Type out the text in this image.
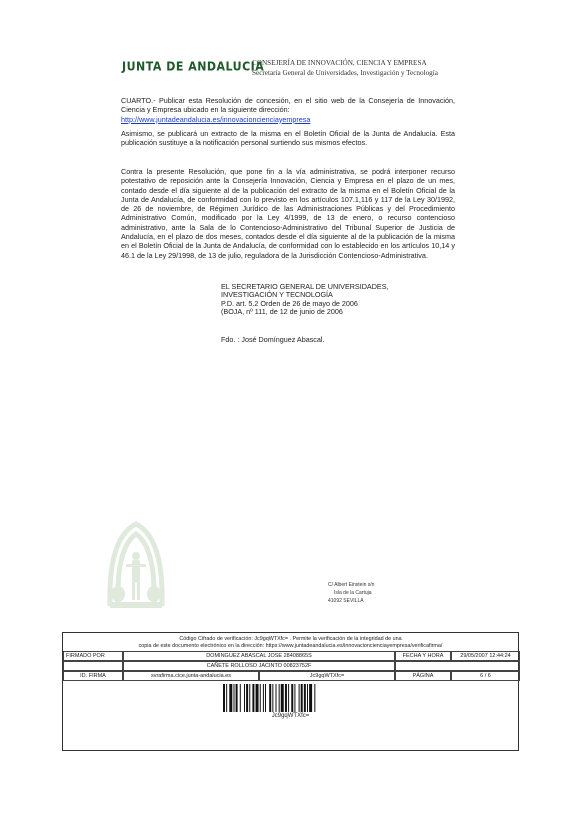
JUNTA DE ANDALUCIA
CONSEJERÍA DE INNOVACIÓN, CIENCIA Y EMPRESA
Secretaría General de Universidades, Investigación y Tecnología
CUARTO.- Publicar esta Resolución de concesión, en el sitio web de la Consejería de Innovación, Ciencia y Empresa ubicado en la siguiente dirección:
http://www.juntadeandalucia.es/innovacioncienciayempresa
Asimismo, se publicará un extracto de la misma en el Boletín Oficial de la Junta de Andalucía. Esta publicación sustituye a la notificación personal surtiendo sus mismos efectos.
Contra la presente Resolución, que pone fin a la vía administrativa, se podrá interponer recurso potestativo de reposición ante la Consejería Innovación, Ciencia y Empresa en el plazo de un mes, contado desde el día siguiente al de la publicación del extracto de la misma en el Boletín Oficial de la Junta de Andalucía, de conformidad con lo previsto en los artículos 107.1,116 y 117 de la Ley 30/1992, de 26 de noviembre, de Régimen Jurídico de las Administraciones Públicas y del Procedimiento Administrativo Común, modificado por la Ley 4/1999, de 13 de enero, o recurso contencioso administrativo, ante la Sala de lo Contencioso-Administrativo del Tribunal Superior de Justicia de Andalucía, en el plazo de dos meses, contados desde el día siguiente al de la publicación de la misma en el Boletín Oficial de la Junta de Andalucía, de conformidad con lo establecido en los artículos 10,14 y 46.1 de la Ley 29/1998, de 13 de julio, reguladora de la Jurisdicción Contencioso-Administrativa.
EL SECRETARIO GENERAL DE UNIVERSIDADES,
INVESTIGACIÓN Y TECNOLOGÍA
P.D. art. 5.2 Orden de 26 de mayo de 2006
(BOJA, nº 111, de 12 de junio de 2006
Fdo. : José Domínguez Abascal.
C/ Albert Einstein s/n
Isla de la Cartuja
41092 SEVILLA
Código Cifrado de verificación: Jc9gqWTXfc= . Permite la verificación de la integridad de una
copia de este documento electrónico en la dirección: https://www.juntadeandalucia.es/innovacioncienciayempresa/verificafirma/
FIRMADO POR	DOMINGUEZ ABASCAL JOSE 28408865S	FECHA Y HORA	29/05/2007 12:44:24
CAÑETE ROLLOSO JACINTO 00823752F
ID. FIRMA	svrafirma.cice.junta-andalucia.es	Jc9gqWTXfc=	PÁGINA	6 / 6
Jc9gqWTXfc=
